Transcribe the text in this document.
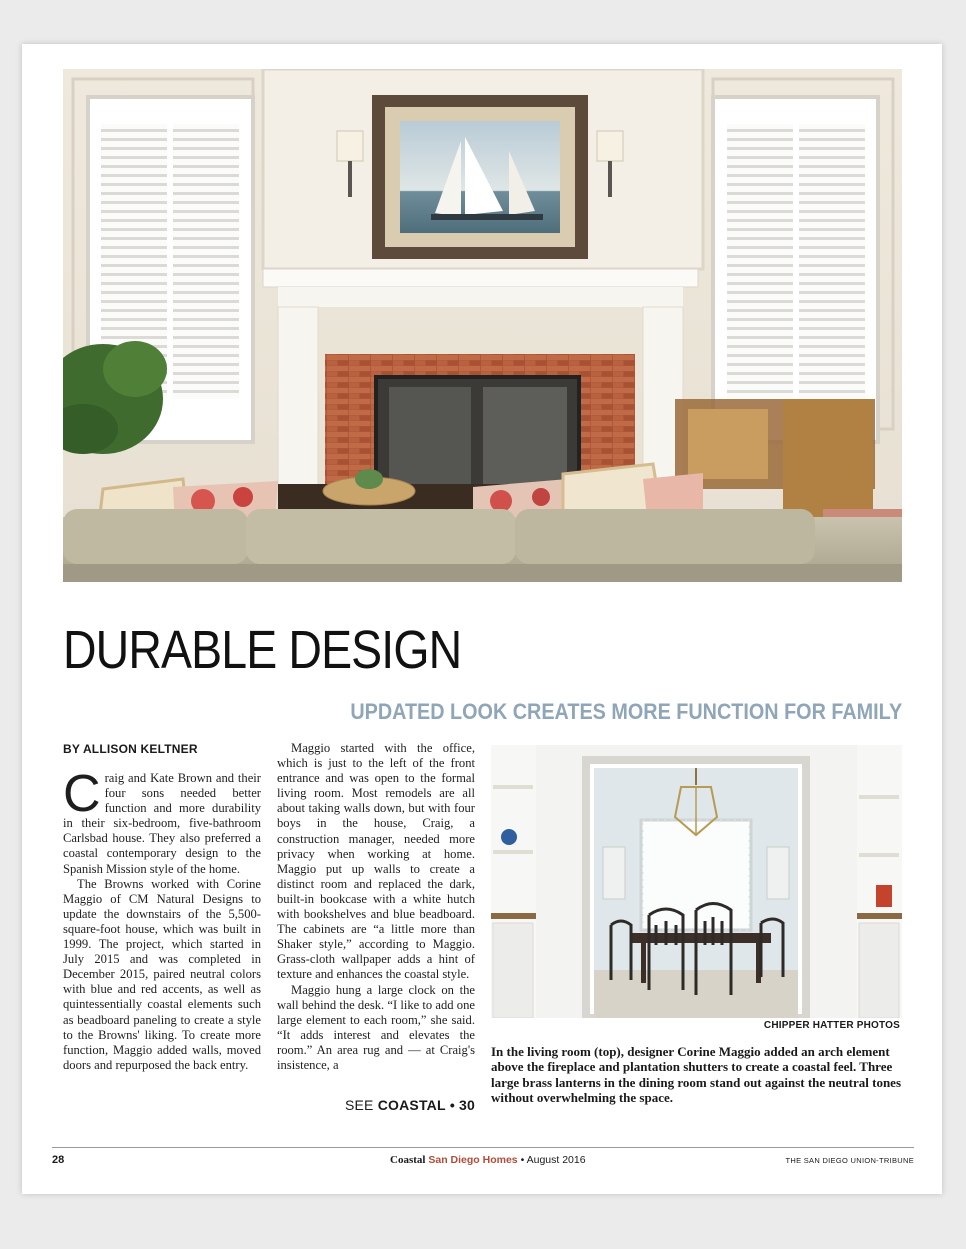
DURABLE DESIGN
UPDATED LOOK CREATES MORE FUNCTION FOR FAMILY
BY ALLISON KELTNER

Craig and Kate Brown and their four sons needed better function and more durability in their six-bedroom, five-bathroom Carlsbad house. They also preferred a coastal contemporary design to the Spanish Mission style of the home.

The Browns worked with Corine Maggio of CM Natural Designs to update the downstairs of the 5,500-square-foot house, which was built in 1999. The project, which started in July 2015 and was completed in December 2015, paired neutral colors with blue and red accents, as well as quintessentially coastal elements such as beadboard paneling to create a style to the Browns' liking. To create more function, Maggio added walls, moved doors and repurposed the back entry.

Maggio started with the office, which is just to the left of the front entrance and was open to the formal living room. Most remodels are all about taking walls down, but with four boys in the house, Craig, a construction manager, needed more privacy when working at home. Maggio put up walls to create a distinct room and replaced the dark, built-in bookcase with a white hutch with bookshelves and blue beadboard. The cabinets are “a little more than Shaker style,” according to Maggio. Grass-cloth wallpaper adds a hint of texture and enhances the coastal style.

Maggio hung a large clock on the wall behind the desk. “I like to add one large element to each room,” she said. “It adds interest and elevates the room.” An area rug and — at Craig's insistence, a

SEE COASTAL • 30
CHIPPER HATTER PHOTOS
In the living room (top), designer Corine Maggio added an arch element above the fireplace and plantation shutters to create a coastal feel. Three large brass lanterns in the dining room stand out against the neutral tones without overwhelming the space.
28	Coastal San Diego Homes • August 2016	THE SAN DIEGO UNION-TRIBUNE
